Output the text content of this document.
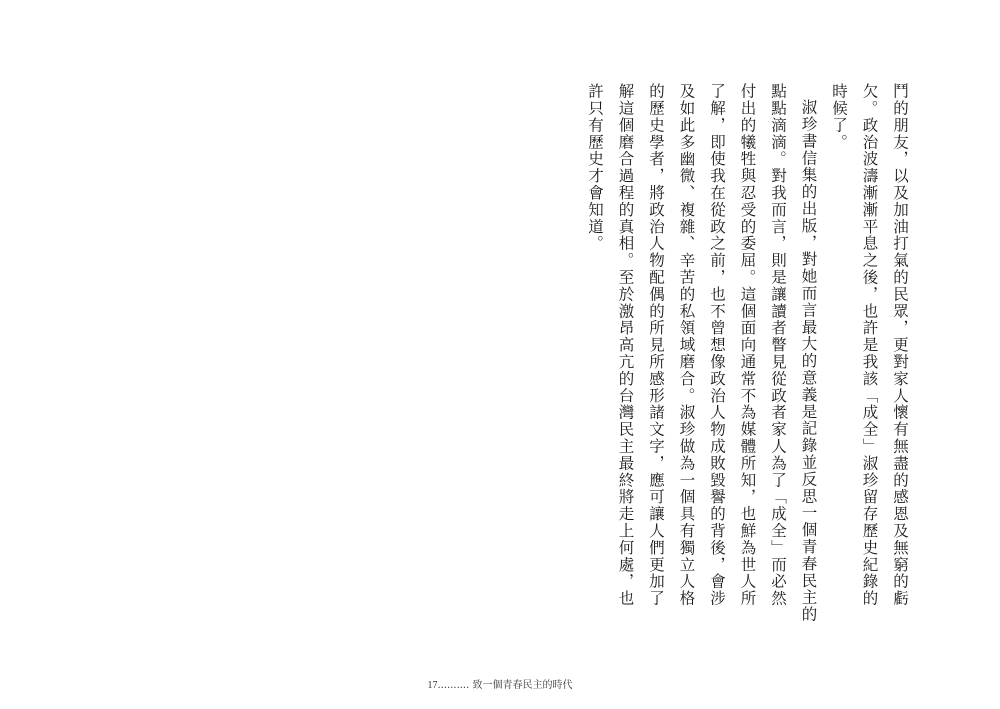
鬥的朋友，以及加油打氣的民眾，更對家人懷有無盡的感恩及無窮的虧欠。政治波濤漸漸平息之後，也許是我該「成全」淑珍留存歷史紀錄的時候了。

淑珍書信集的出版，對她而言最大的意義是記錄並反思一個青春民主的點點滴滴。對我而言，則是讓讀者瞥見從政者家人為了「成全」而必然付出的犧牲與忍受的委屈。這個面向通常不為媒體所知，也鮮為世人所了解，即使我在從政之前，也不曾想像政治人物成敗毀譽的背後，會涉及如此多幽微、複雜、辛苦的私領域磨合。淑珍做為一個具有獨立人格的歷史學者，將政治人物配偶的所見所感形諸文字，應可讓人們更加了解這個磨合過程的真相。至於激昂高亢的台灣民主最終將走上何處，也許只有歷史才會知道。

17.......... 致一個青春民主的時代
